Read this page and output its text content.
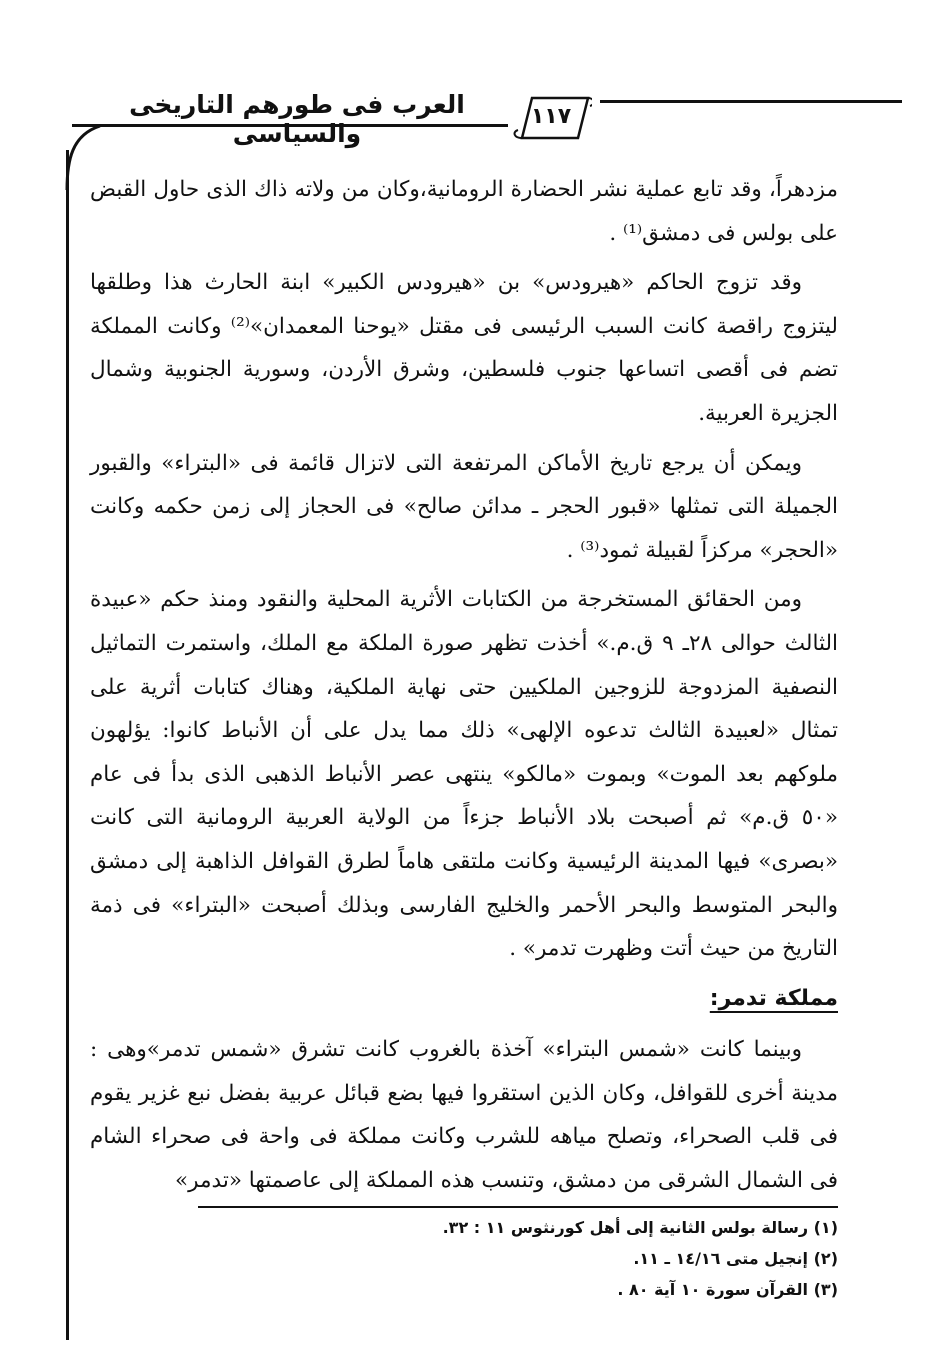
العرب فى طورهم التاريخى والسياسى
١١٧

مزدهراً، وقد تابع عملية نشر الحضارة الرومانية،وكان من ولاته ذاك الذى حاول القبض على بولس فى دمشق⁽¹⁾ .

وقد تزوج الحاكم «هيرودس» بن «هيرودس الكبير» ابنة الحارث هذا وطلقها ليتزوج راقصة كانت السبب الرئيسى فى مقتل «يوحنا المعمدان»⁽²⁾ وكانت المملكة تضم فى أقصى اتساعها جنوب فلسطين، وشرق الأردن، وسورية الجنوبية وشمال الجزيرة العربية.

ويمكن أن يرجع تاريخ الأماكن المرتفعة التى لاتزال قائمة فى «البتراء» والقبور الجميلة التى تمثلها «قبور الحجر ـ مدائن صالح» فى الحجاز إلى زمن حكمه وكانت «الحجر» مركزاً لقبيلة ثمود⁽³⁾ .

ومن الحقائق المستخرجة من الكتابات الأثرية المحلية والنقود ومنذ حكم «عبيدة الثالث حوالى ٢٨ـ ٩ ق.م.» أخذت تظهر صورة الملكة مع الملك، واستمرت التماثيل النصفية المزدوجة للزوجين الملكيين حتى نهاية الملكية، وهناك كتابات أثرية على تمثال «لعبيدة الثالث تدعوه الإلهى» ذلك مما يدل على أن الأنباط كانوا: يؤلهون ملوكهم بعد الموت» وبموت «مالكو» ينتهى عصر الأنباط الذهبى الذى بدأ فى عام «٥٠ ق.م» ثم أصبحت بلاد الأنباط جزءاً من الولاية العربية الرومانية التى كانت «بصرى» فيها المدينة الرئيسية وكانت ملتقى هاماً لطرق القوافل الذاهبة إلى دمشق والبحر المتوسط والبحر الأحمر والخليج الفارسى وبذلك أصبحت «البتراء» فى ذمة التاريخ من حيث أتت وظهرت تدمر» .

مملكة تدمر:

وبينما كانت «شمس البتراء» آخذة بالغروب كانت تشرق «شمس تدمر»وهى : مدينة أخرى للقوافل، وكان الذين استقروا فيها بضع قبائل عربية بفضل نبع غزير يقوم فى قلب الصحراء، وتصلح مياهه للشرب وكانت مملكة فى واحة فى صحراء الشام فى الشمال الشرقى من دمشق، وتنسب هذه المملكة إلى عاصمتها «تدمر»

(١) رسالة بولس الثانية إلى أهل كورنثوس ١١ : ٣٢.
(٢) إنجيل متى ١٤/١٦ ـ ١١.
(٣) القرآن سورة ١٠ آية ٨٠ .
